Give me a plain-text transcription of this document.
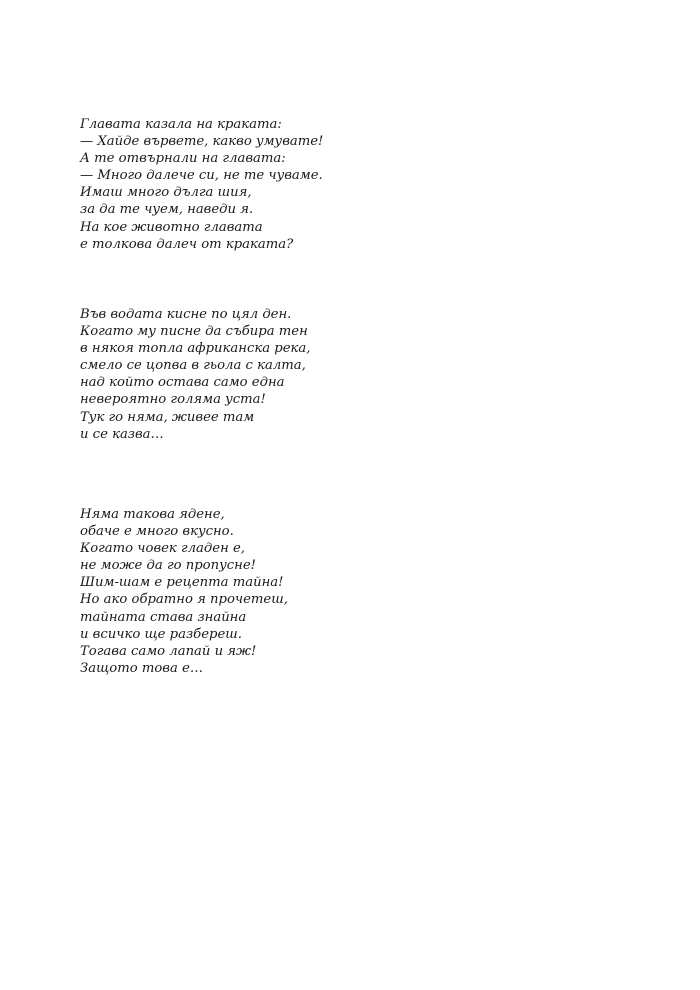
Главата казала на краката:
— Хайде вървете, какво умувате!
А те отвърнали на главата:
— Много далече си, не те чуваме.
Имаш много дълга шия,
за да те чуем, наведи я.
На кое животно главата
е толкова далеч от краката?
Във водата кисне по цял ден.
Когато му писне да събира тен
в някоя топла африканска река,
смело се цопва в гьола с калта,
над който остава само една
невероятно голяма уста!
Тук го няма, живее там
и се казва…
Няма такова ядене,
обаче е много вкусно.
Когато човек гладен е,
не може да го пропусне!
Шим-шам е рецепта тайна!
Но ако обратно я прочетеш,
тайната става знайна
и всичко ще разбереш.
Тогава само лапай и яж!
Защото това е…
